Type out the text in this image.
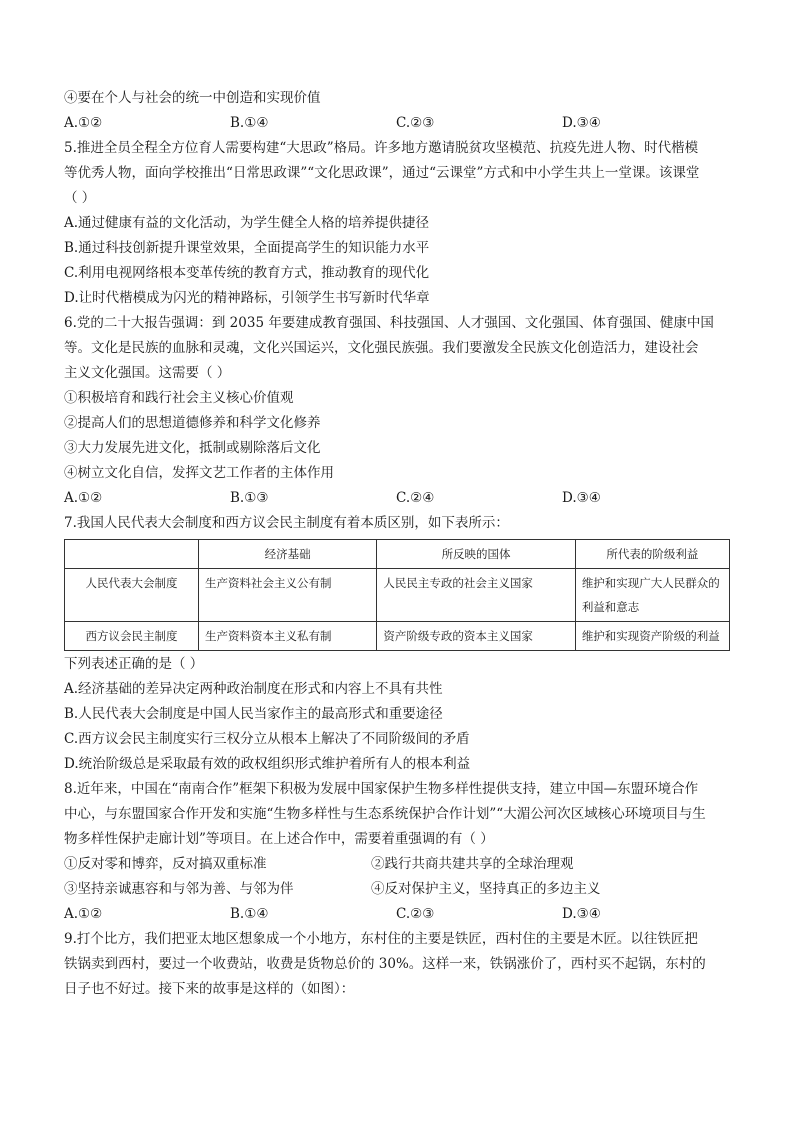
④要在个人与社会的统一中创造和实现价值
A.①②	B.①④	C.②③	D.③④
5.推进全员全程全方位育人需要构建“大思政”格局。许多地方邀请脱贫攻坚模范、抗疫先进人物、时代楷模
等优秀人物，面向学校推出“日常思政课”“文化思政课”，通过“云课堂”方式和中小学生共上一堂课。该课堂
（ ）
A.通过健康有益的文化活动，为学生健全人格的培养提供捷径
B.通过科技创新提升课堂效果，全面提高学生的知识能力水平
C.利用电视网络根本变革传统的教育方式，推动教育的现代化
D.让时代楷模成为闪光的精神路标，引领学生书写新时代华章
6.党的二十大报告强调：到 2035 年要建成教育强国、科技强国、人才强国、文化强国、体育强国、健康中国
等。文化是民族的血脉和灵魂，文化兴国运兴，文化强民族强。我们要激发全民族文化创造活力，建设社会
主义文化强国。这需要（ ）
①积极培育和践行社会主义核心价值观
②提高人们的思想道德修养和科学文化修养
③大力发展先进文化，抵制或剔除落后文化
④树立文化自信，发挥文艺工作者的主体作用
A.①②	B.①③	C.②④	D.③④
7.我国人民代表大会制度和西方议会民主制度有着本质区别，如下表所示：
	经济基础	所反映的国体	所代表的阶级利益
人民代表大会制度	生产资料社会主义公有制	人民民主专政的社会主义国家	维护和实现广大人民群众的利益和意志
西方议会民主制度	生产资料资本主义私有制	资产阶级专政的资本主义国家	维护和实现资产阶级的利益
下列表述正确的是（ ）
A.经济基础的差异决定两种政治制度在形式和内容上不具有共性
B.人民代表大会制度是中国人民当家作主的最高形式和重要途径
C.西方议会民主制度实行三权分立从根本上解决了不同阶级间的矛盾
D.统治阶级总是采取最有效的政权组织形式维护着所有人的根本利益
8.近年来，中国在“南南合作”框架下积极为发展中国家保护生物多样性提供支持，建立中国—东盟环境合作
中心，与东盟国家合作开发和实施“生物多样性与生态系统保护合作计划”“大湄公河次区域核心环境项目与生
物多样性保护走廊计划”等项目。在上述合作中，需要着重强调的有（ ）
①反对零和博弈，反对搞双重标准	②践行共商共建共享的全球治理观
③坚持亲诚惠容和与邻为善、与邻为伴	④反对保护主义，坚持真正的多边主义
A.①②	B.①④	C.②③	D.③④
9.打个比方，我们把亚太地区想象成一个小地方，东村住的主要是铁匠，西村住的主要是木匠。以往铁匠把
铁锅卖到西村，要过一个收费站，收费是货物总价的 30%。这样一来，铁锅涨价了，西村买不起锅，东村的
日子也不好过。接下来的故事是这样的（如图）：
